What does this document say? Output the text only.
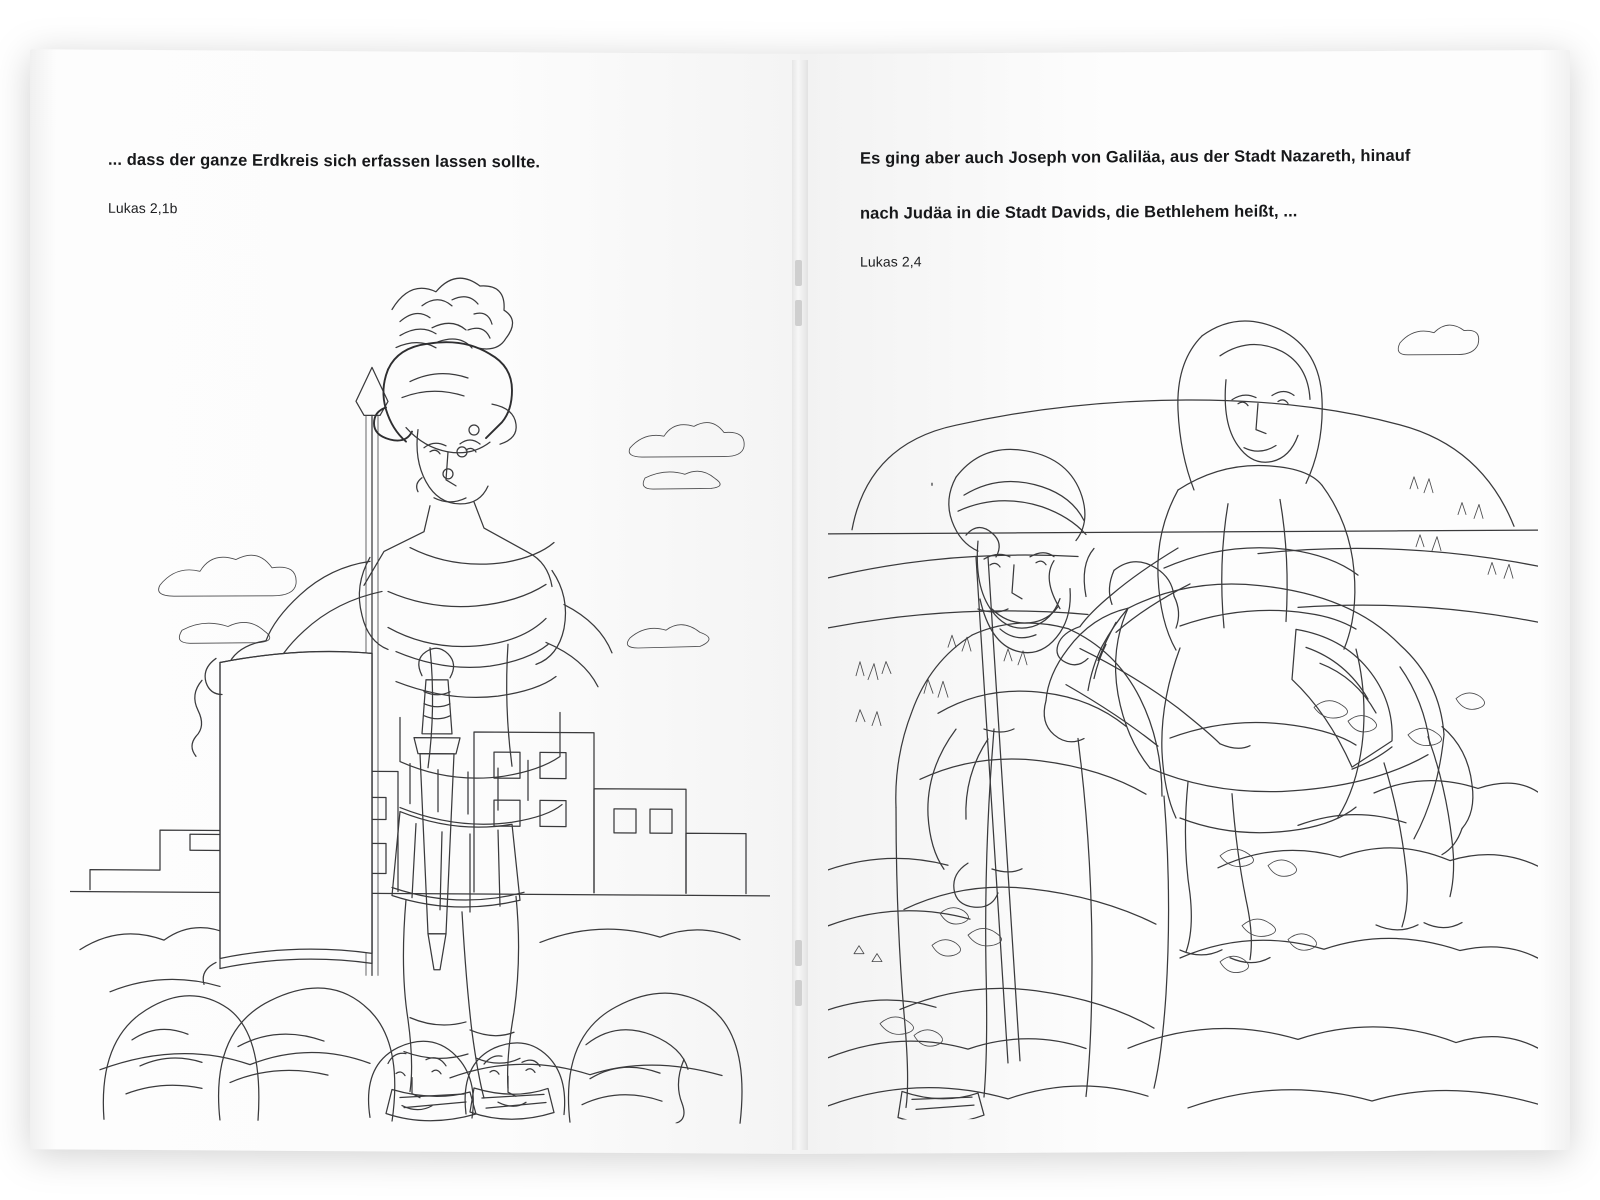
... dass der ganze Erdkreis sich erfassen lassen sollte.
Lukas 2,1b
Es ging aber auch Joseph von Galiläa, aus der Stadt Nazareth, hinauf
nach Judäa in die Stadt Davids, die Bethlehem heißt, ...
Lukas 2,4
